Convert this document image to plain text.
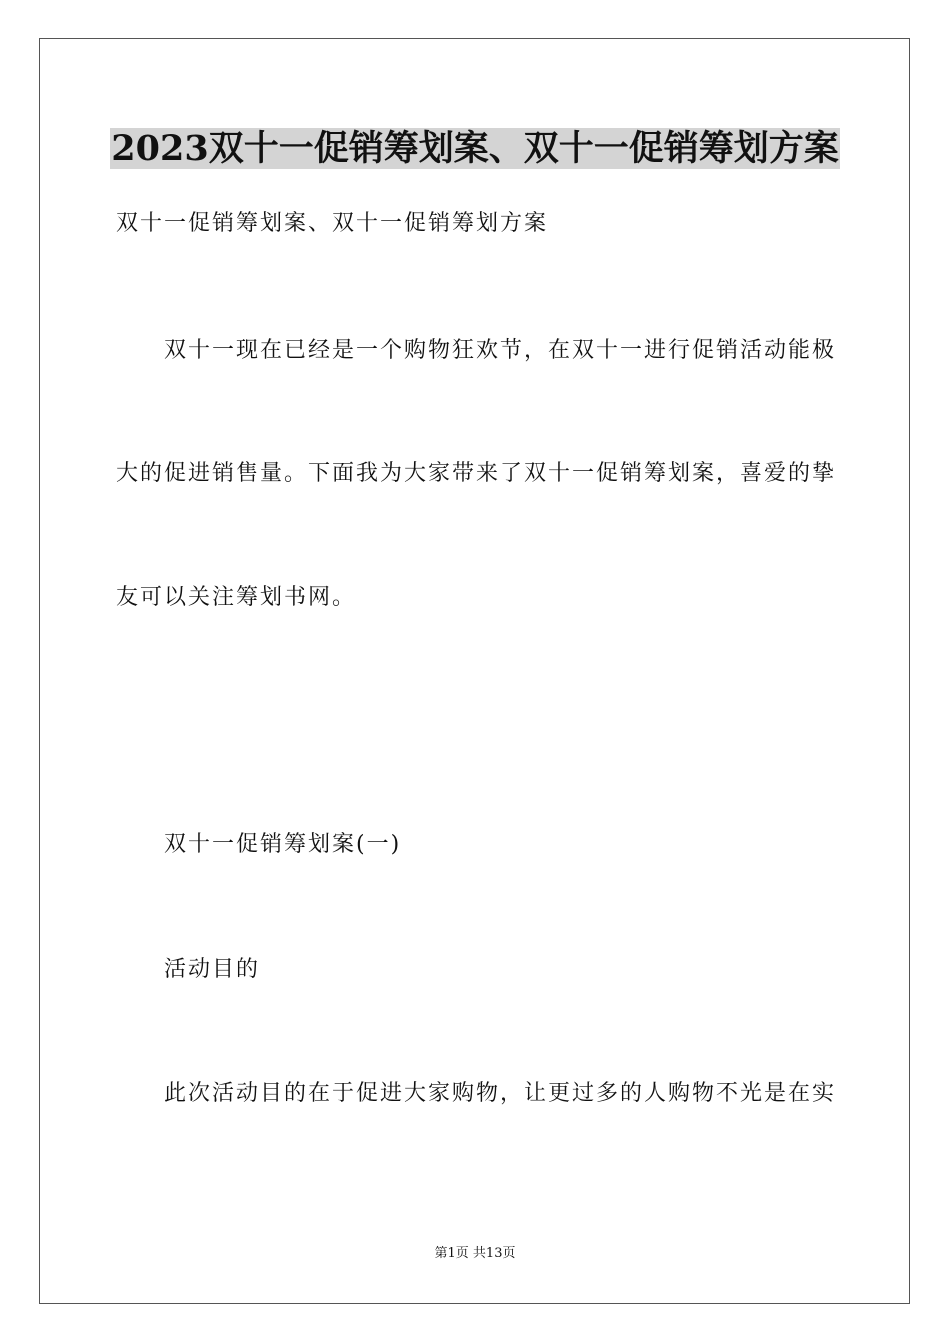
2023双十一促销筹划案、双十一促销筹划方案
双十一促销筹划案、双十一促销筹划方案
双十一现在已经是一个购物狂欢节，在双十一进行促销活动能极
大的促进销售量。下面我为大家带来了双十一促销筹划案，喜爱的挚
友可以关注筹划书网。
双十一促销筹划案(一)
活动目的
此次活动目的在于促进大家购物，让更过多的人购物不光是在实
第1页 共13页
